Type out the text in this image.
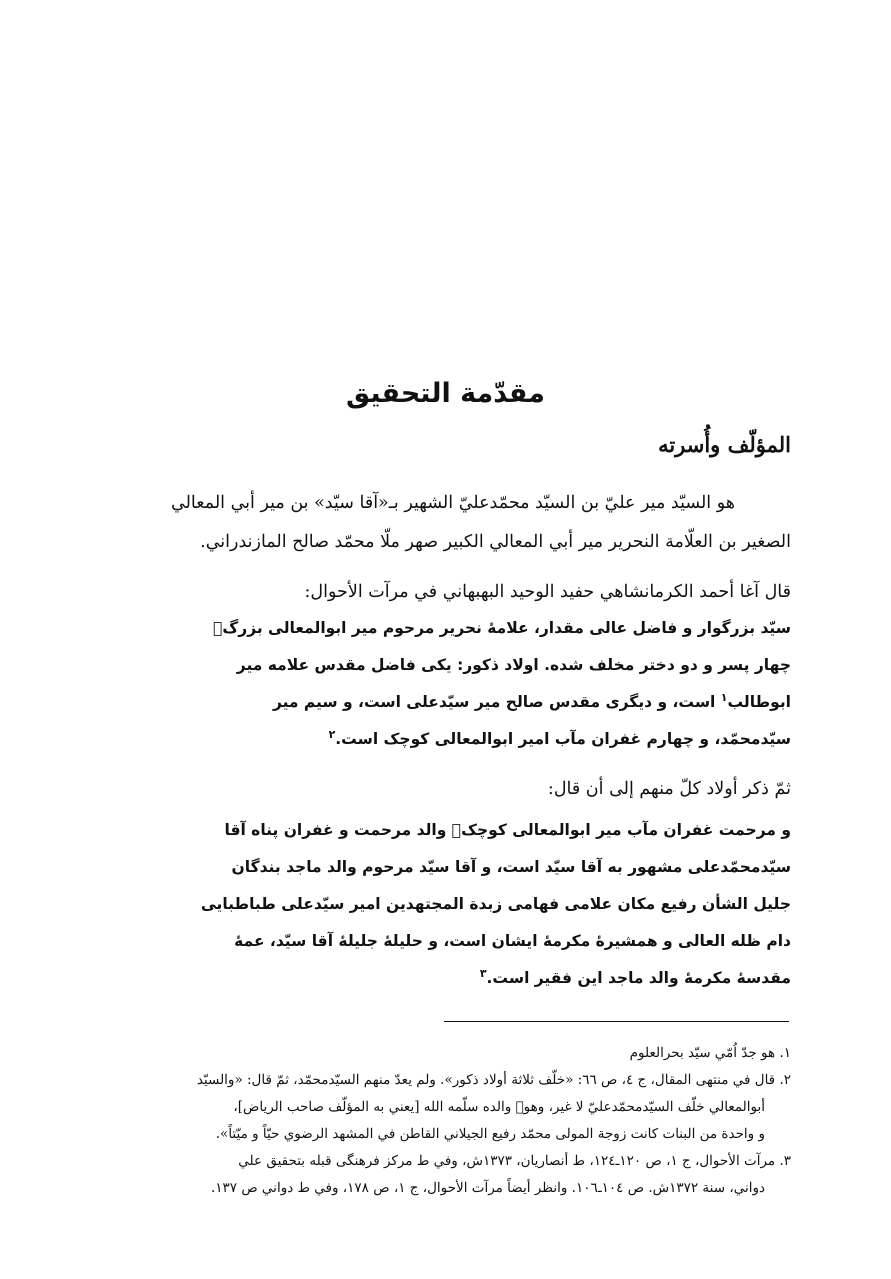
مقدّمة التحقيق
المؤلّف وأُسرته
هو السيّد مير عليّ بن السيّد محمّدعليّ الشهير بـ«آقا سيّد» بن مير أبي المعالي
الصغير بن العلّامة النحرير مير أبي المعالي الكبير صهر ملّا محمّد صالح المازندراني.
قال آغا أحمد الكرمانشاهي حفيد الوحيد البهبهاني في مرآت الأحوال:
سيّد بزرگوار و فاضل عالی مقدار، علامهٔ نحرير مرحوم مير ابوالمعالی بزرگ﷫
چهار پسر و دو دختر مخلف شده. اولاد ذكور: يكی فاضل مقدس علامه مير
ابوطالب$^١$ است، و ديگری مقدس صالح مير سيّدعلی است، و سيم مير
سيّدمحمّد، و چهارم غفران مآب امير ابوالمعالی كوچک است.$^٢$
ثمّ ذكر أولاد كلّ منهم إلى أن قال:
و مرحمت غفران مآب مير ابوالمعالی كوچک﷫ والد مرحمت و غفران پناه آقا
سيّدمحمّدعلی مشهور به آقا سيّد است، و آقا سيّد مرحوم والد ماجد بندگان
جليل الشأن رفيع مكان علامی فهامی زبدة المجتهدين امير سيّدعلی طباطبايی
دام ظله العالی و همشيرهٔ مكرمهٔ ايشان است، و حليلهٔ جليلهٔ آقا سيّد، عمهٔ
مقدسهٔ مكرمهٔ والد ماجد اين فقير است.$^٣$
١. هو جدّ اُمّي سيّد بحرالعلوم
٢. قال في منتهى المقال، ج ٤، ص ٦٦: «خلّف ثلاثة أولاد ذكور». ولم يعدّ منهم السيّدمحمّد، ثمّ قال: «والسيّد
أبوالمعالي خلّف السيّدمحمّدعليّ لا غير، وهو﷫ والده سلّمه الله [يعني به المؤلّف صاحب الرياض]،
و واحدة من البنات كانت زوجة المولى محمّد رفيع الجيلاني القاطن في المشهد الرضوي حيّاً و ميّتاً».
٣. مرآت الأحوال، ج ١، ص ١٢٠ـ١٢٤، ط أنصاريان، ١٣٧٣ش، وفي ط مركز فرهنگی قبله بتحقيق علي
دواني، سنة ١٣٧٢ش. ص ١٠٤ـ١٠٦. وانظر أيضاً مرآت الأحوال، ج ١، ص ١٧٨، وفي ط دواني ص ١٣٧.
